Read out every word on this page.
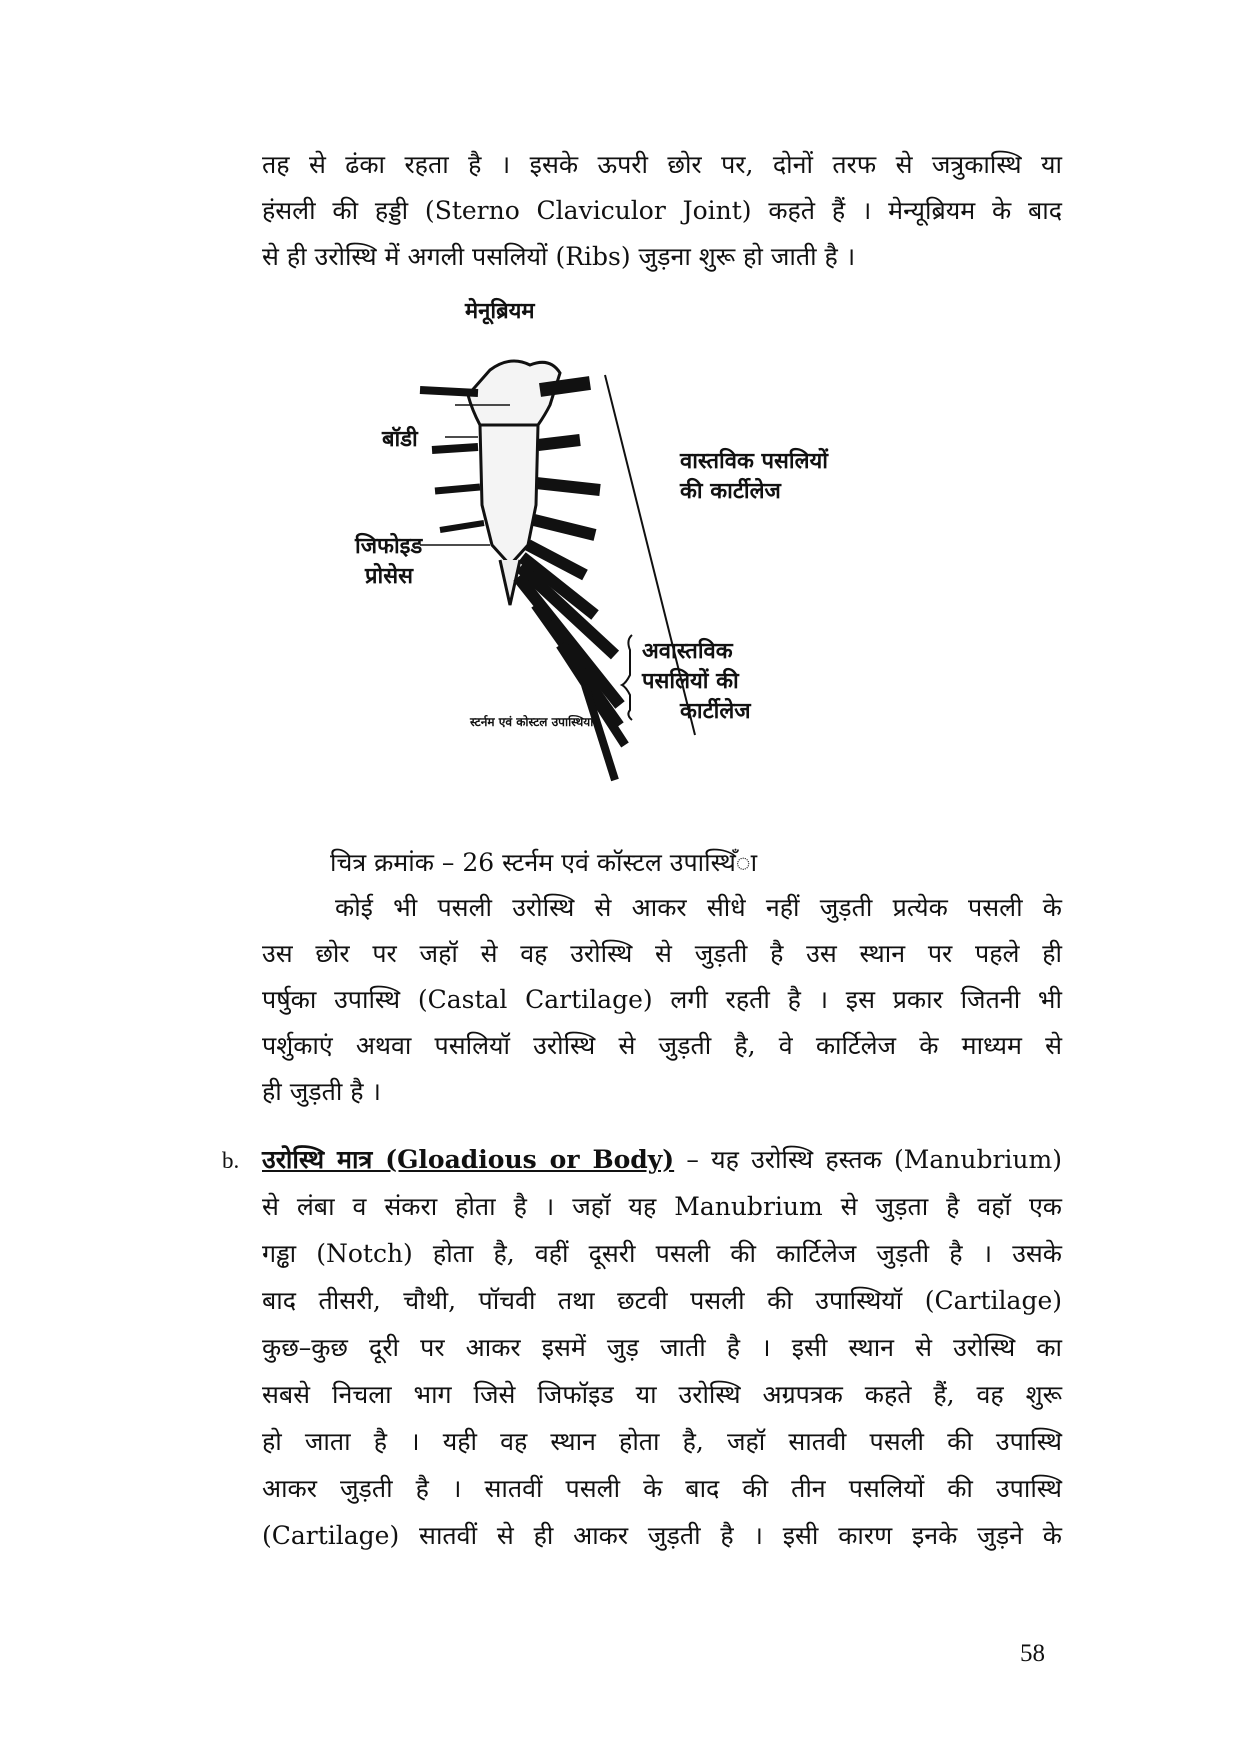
तह से ढंका रहता है । इसके ऊपरी छोर पर, दोनों तरफ से जत्रुकास्थि या
हंसली की हड्डी (Sterno Claviculor Joint) कहते हैं । मेन्यूब्रियम के बाद
से ही उरोस्थि में अगली पसलियों (Ribs) जुड़ना शुरू हो जाती है ।
मेनूब्रियम
बॉडी
जिफोइड
प्रोसेस
वास्तविक पसलियों
की कार्टीलेज
अवास्तविक
पसलियों की
कार्टीलेज
स्टर्नम एवं कोस्टल उपास्थियां।
चित्र क्रमांक – 26 स्टर्नम एवं कॉस्टल उपास्थिँा
कोई भी पसली उरोस्थि से आकर सीधे नहीं जुड़ती प्रत्येक पसली के
उस छोर पर जहॉ से वह उरोस्थि से जुड़ती है उस स्थान पर पहले ही
पर्षुका उपास्थि (Castal Cartilage) लगी रहती है । इस प्रकार जितनी भी
पर्शुकाएं अथवा पसलियॉ उरोस्थि से जुड़ती है, वे कार्टिलेज के माध्यम से
ही जुड़ती है ।
b. उरोस्थि मात्र (Gloadious or Body) – यह उरोस्थि हस्तक (Manubrium)
से लंबा व संकरा होता है । जहॉ यह Manubrium से जुड़ता है वहॉ एक
गड्ढा (Notch) होता है, वहीं दूसरी पसली की कार्टिलेज जुड़ती है । उसके
बाद तीसरी, चौथी, पॉचवी तथा छटवी पसली की उपास्थियॉ (Cartilage)
कुछ–कुछ दूरी पर आकर इसमें जुड़ जाती है । इसी स्थान से उरोस्थि का
सबसे निचला भाग जिसे जिफॉइड या उरोस्थि अग्रपत्रक कहते हैं, वह शुरू
हो जाता है । यही वह स्थान होता है, जहॉ सातवी पसली की उपास्थि
आकर जुड़ती है । सातवीं पसली के बाद की तीन पसलियों की उपास्थि
(Cartilage) सातवीं से ही आकर जुड़ती है । इसी कारण इनके जुड़ने के
58
